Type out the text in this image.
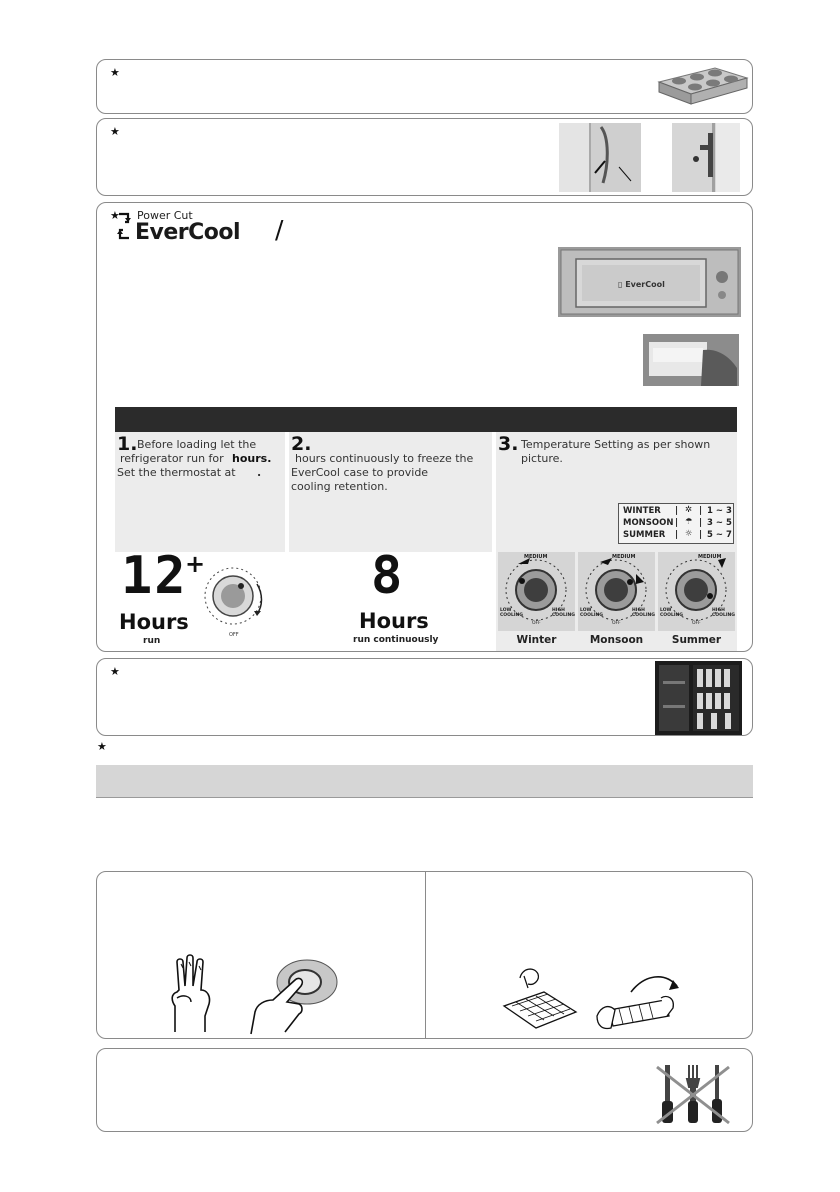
★
★
★ Power Cut
EverCool /
▯ EverCool
1. Before loading let the
refrigerator run for hours.
Set the thermostat at .
12
+
Hours
run
OFF
2.
hours continuously to freeze the
EverCool case to provide
cooling retention.
8
Hours
run continuously
3. Temperature Setting as per shown picture.
WINTER | ✲ | 1 ~ 3
MONSOON | ☂ | 3 ~ 5
SUMMER | ☼ | 5 ~ 7
MEDIUM
LOW COOLING
HIGH COOLING
OFF
MEDIUM
LOW COOLING
HIGH COOLING
OFF
MEDIUM
LOW COOLING
HIGH COOLING
OFF
Winter	Monsoon	Summer
★
★
